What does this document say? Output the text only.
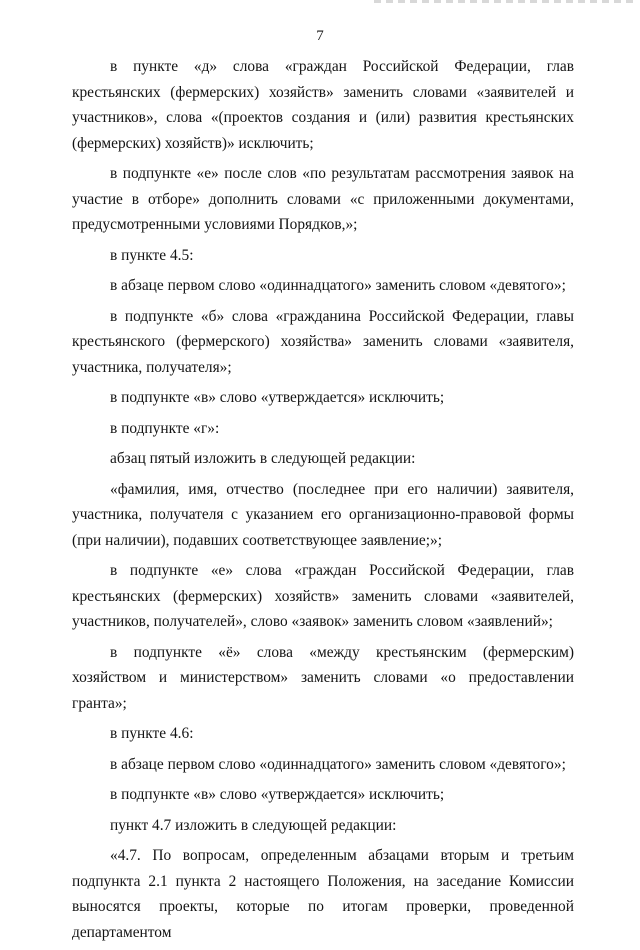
7

в пункте «д» слова «граждан Российской Федерации, глав крестьянских (фермерских) хозяйств» заменить словами «заявителей и участников», слова «(проектов создания и (или) развития крестьянских (фермерских) хозяйств)» исключить;

в подпункте «е» после слов «по результатам рассмотрения заявок на участие в отборе» дополнить словами «с приложенными документами, предусмотренными условиями Порядков,»;

в пункте 4.5:

в абзаце первом слово «одиннадцатого» заменить словом «девятого»;

в подпункте «б» слова «гражданина Российской Федерации, главы крестьянского (фермерского) хозяйства» заменить словами «заявителя, участника, получателя»;

в подпункте «в» слово «утверждается» исключить;

в подпункте «г»:

абзац пятый изложить в следующей редакции:

«фамилия, имя, отчество (последнее при его наличии) заявителя, участника, получателя с указанием его организационно-правовой формы (при наличии), подавших соответствующее заявление;»;

в подпункте «е» слова «граждан Российской Федерации, глав крестьянских (фермерских) хозяйств» заменить словами «заявителей, участников, получателей», слово «заявок» заменить словом «заявлений»;

в подпункте «ё» слова «между крестьянским (фермерским) хозяйством и министерством» заменить словами «о предоставлении гранта»;

в пункте 4.6:

в абзаце первом слово «одиннадцатого» заменить словом «девятого»;

в подпункте «в» слово «утверждается» исключить;

пункт 4.7 изложить в следующей редакции:

«4.7. По вопросам, определенным абзацами вторым и третьим подпункта 2.1 пункта 2 настоящего Положения, на заседание Комиссии выносятся проекты, которые по итогам проверки, проведенной департаментом
